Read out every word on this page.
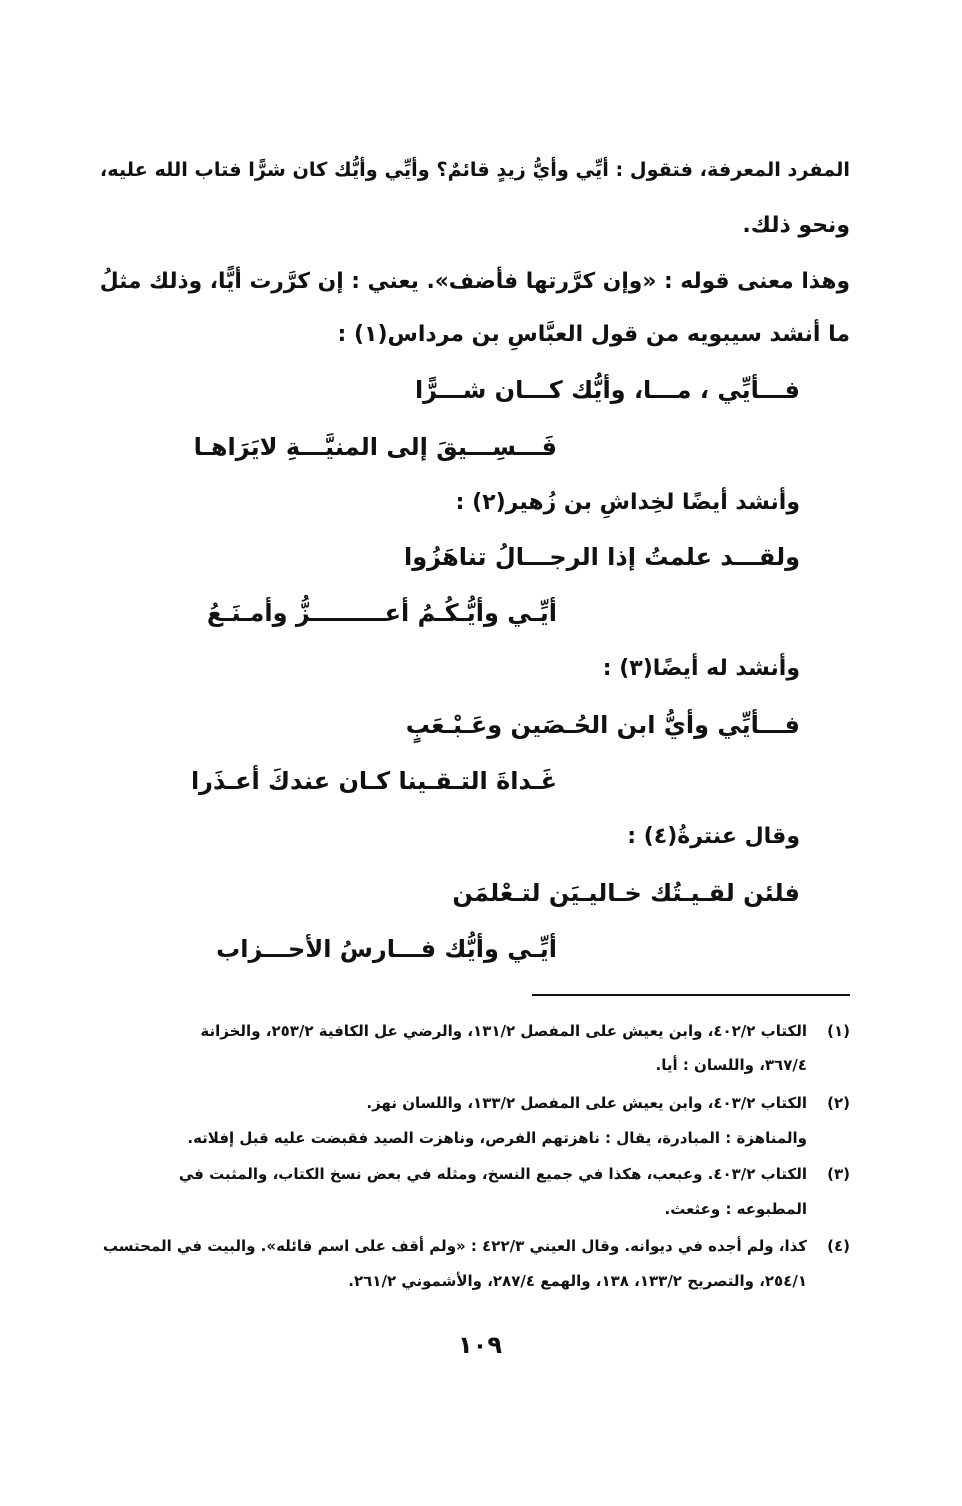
المفرد المعرفة، فتقول : أيِّي وأيُّ زيدٍ قائمٌ؟ وأيِّي وأيُّك كان شرًّا فتاب الله عليه،
ونحو ذلك.
وهذا معنى قوله : «وإن كرَّرتها فأضف». يعني : إن كرَّرت أيًّا، وذلك مثلُ
ما أنشد سيبويه من قول العبَّاسِ بن مرداس(١) :
فـــأيِّي ، مـــا، وأيُّك كـــان شـــرًّا
فَـــسِـــيقَ إلى المنيَّـــةِ لايَرَاهـا
وأنشد أيضًا لخِداشِ بن زُهير(٢) :
ولقـــد علمتُ إذا الرجـــالُ تناهَزُوا
أيِّـي وأيُّـكُـمُ أعـــــــــزُّ وأمـنَـعُ
وأنشد له أيضًا(٣) :
فـــأيِّي وأيُّ ابن الحُـصَين وعَـبْـعَبٍ
غَـداةَ التـقـينا كـان عندكَ أعـذَرا
وقال عنترةُ(٤) :
فلئن لقـيـتُك خـاليـيَن لتـعْلمَن
أيِّـي وأيُّك فـــارسُ الأحـــزاب
(١)
الكتاب ٤٠٢/٢، وابن يعيش على المفصل ١٣١/٢، والرضي عل الكافية ٢٥٣/٢، والخزانة
٣٦٧/٤، واللسان : أيا.
(٢)
الكتاب ٤٠٣/٢، وابن يعيش على المفصل ١٣٣/٢، واللسان نهز.
والمناهزة : المبادرة، يقال : ناهزتهم الفرص، وناهزت الصيد فقبضت عليه قبل إفلاته.
(٣)
الكتاب ٤٠٣/٢. وعبعب، هكذا في جميع النسخ، ومثله في بعض نسخ الكتاب، والمثبت في
المطبوعه : وعثعث.
(٤)
كذا، ولم أجده في ديوانه. وقال العيني ٤٢٢/٣ : «ولم أقف على اسم قائله». والبيت في المحتسب
٢٥٤/١، والتصريح ١٣٣/٢، ١٣٨، والهمع ٢٨٧/٤، والأشموني ٢٦١/٢.
١٠٩
